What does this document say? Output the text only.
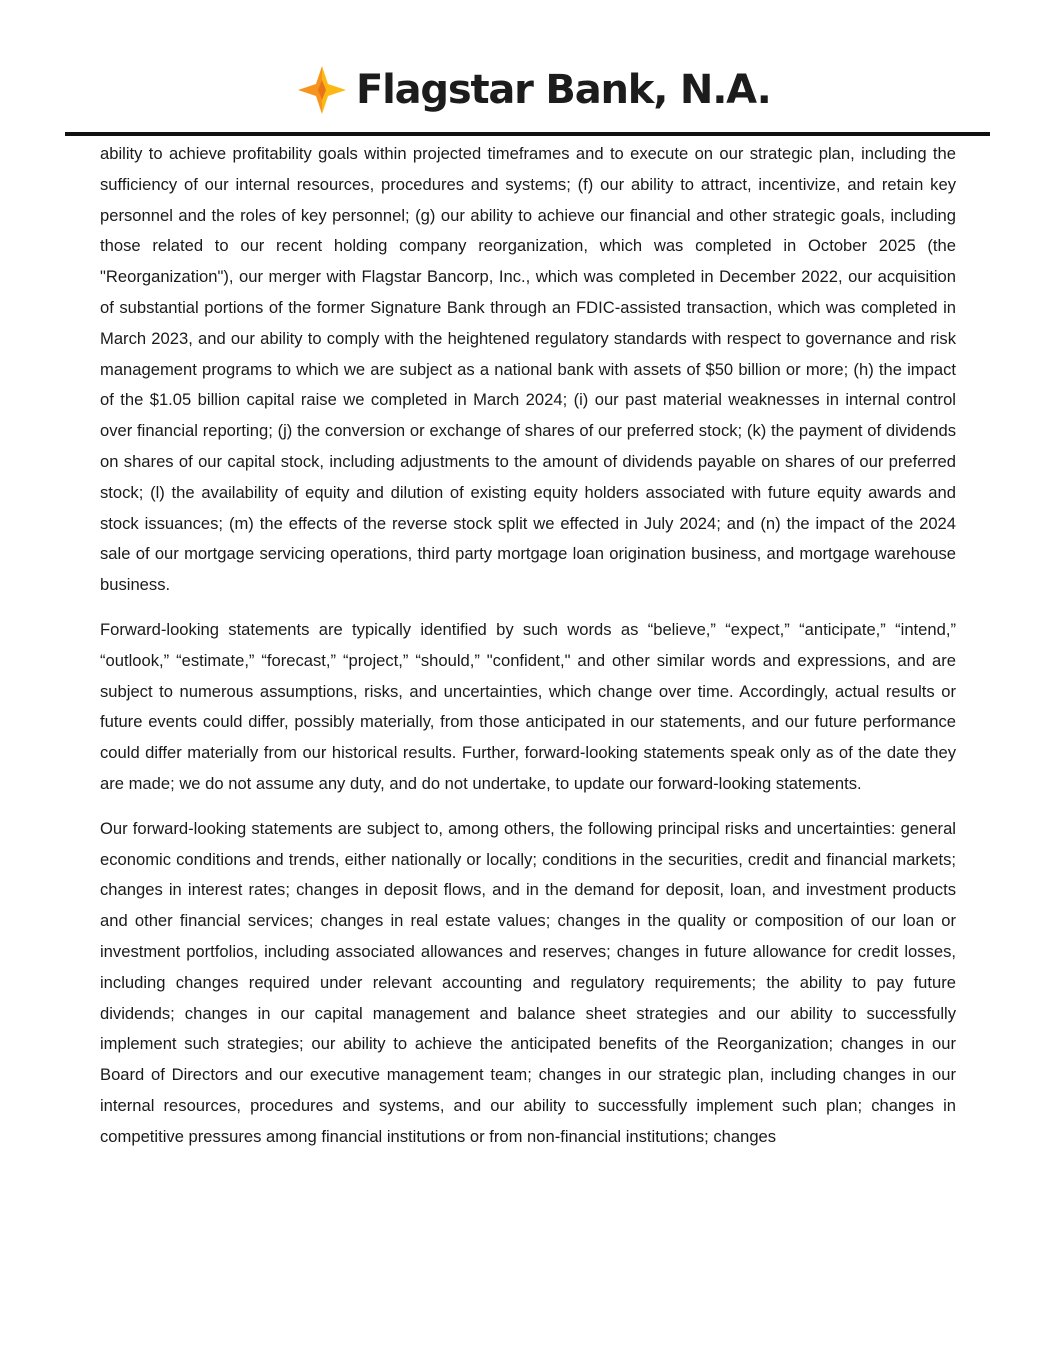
Flagstar Bank, N.A.

ability to achieve profitability goals within projected timeframes and to execute on our strategic plan, including the sufficiency of our internal resources, procedures and systems; (f) our ability to attract, incentivize, and retain key personnel and the roles of key personnel; (g) our ability to achieve our financial and other strategic goals, including those related to our recent holding company reorganization, which was completed in October 2025 (the "Reorganization"), our merger with Flagstar Bancorp, Inc., which was completed in December 2022, our acquisition of substantial portions of the former Signature Bank through an FDIC-assisted transaction, which was completed in March 2023, and our ability to comply with the heightened regulatory standards with respect to governance and risk management programs to which we are subject as a national bank with assets of $50 billion or more; (h) the impact of the $1.05 billion capital raise we completed in March 2024; (i) our past material weaknesses in internal control over financial reporting; (j) the conversion or exchange of shares of our preferred stock; (k) the payment of dividends on shares of our capital stock, including adjustments to the amount of dividends payable on shares of our preferred stock; (l) the availability of equity and dilution of existing equity holders associated with future equity awards and stock issuances; (m) the effects of the reverse stock split we effected in July 2024; and (n) the impact of the 2024 sale of our mortgage servicing operations, third party mortgage loan origination business, and mortgage warehouse business.

Forward-looking statements are typically identified by such words as “believe,” “expect,” “anticipate,” “intend,” “outlook,” “estimate,” “forecast,” “project,” “should,” "confident," and other similar words and expressions, and are subject to numerous assumptions, risks, and uncertainties, which change over time. Accordingly, actual results or future events could differ, possibly materially, from those anticipated in our statements, and our future performance could differ materially from our historical results. Further, forward-looking statements speak only as of the date they are made; we do not assume any duty, and do not undertake, to update our forward-looking statements.

Our forward-looking statements are subject to, among others, the following principal risks and uncertainties: general economic conditions and trends, either nationally or locally; conditions in the securities, credit and financial markets; changes in interest rates; changes in deposit flows, and in the demand for deposit, loan, and investment products and other financial services; changes in real estate values; changes in the quality or composition of our loan or investment portfolios, including associated allowances and reserves; changes in future allowance for credit losses, including changes required under relevant accounting and regulatory requirements; the ability to pay future dividends; changes in our capital management and balance sheet strategies and our ability to successfully implement such strategies; our ability to achieve the anticipated benefits of the Reorganization; changes in our Board of Directors and our executive management team; changes in our strategic plan, including changes in our internal resources, procedures and systems, and our ability to successfully implement such plan; changes in competitive pressures among financial institutions or from non-financial institutions; changes
